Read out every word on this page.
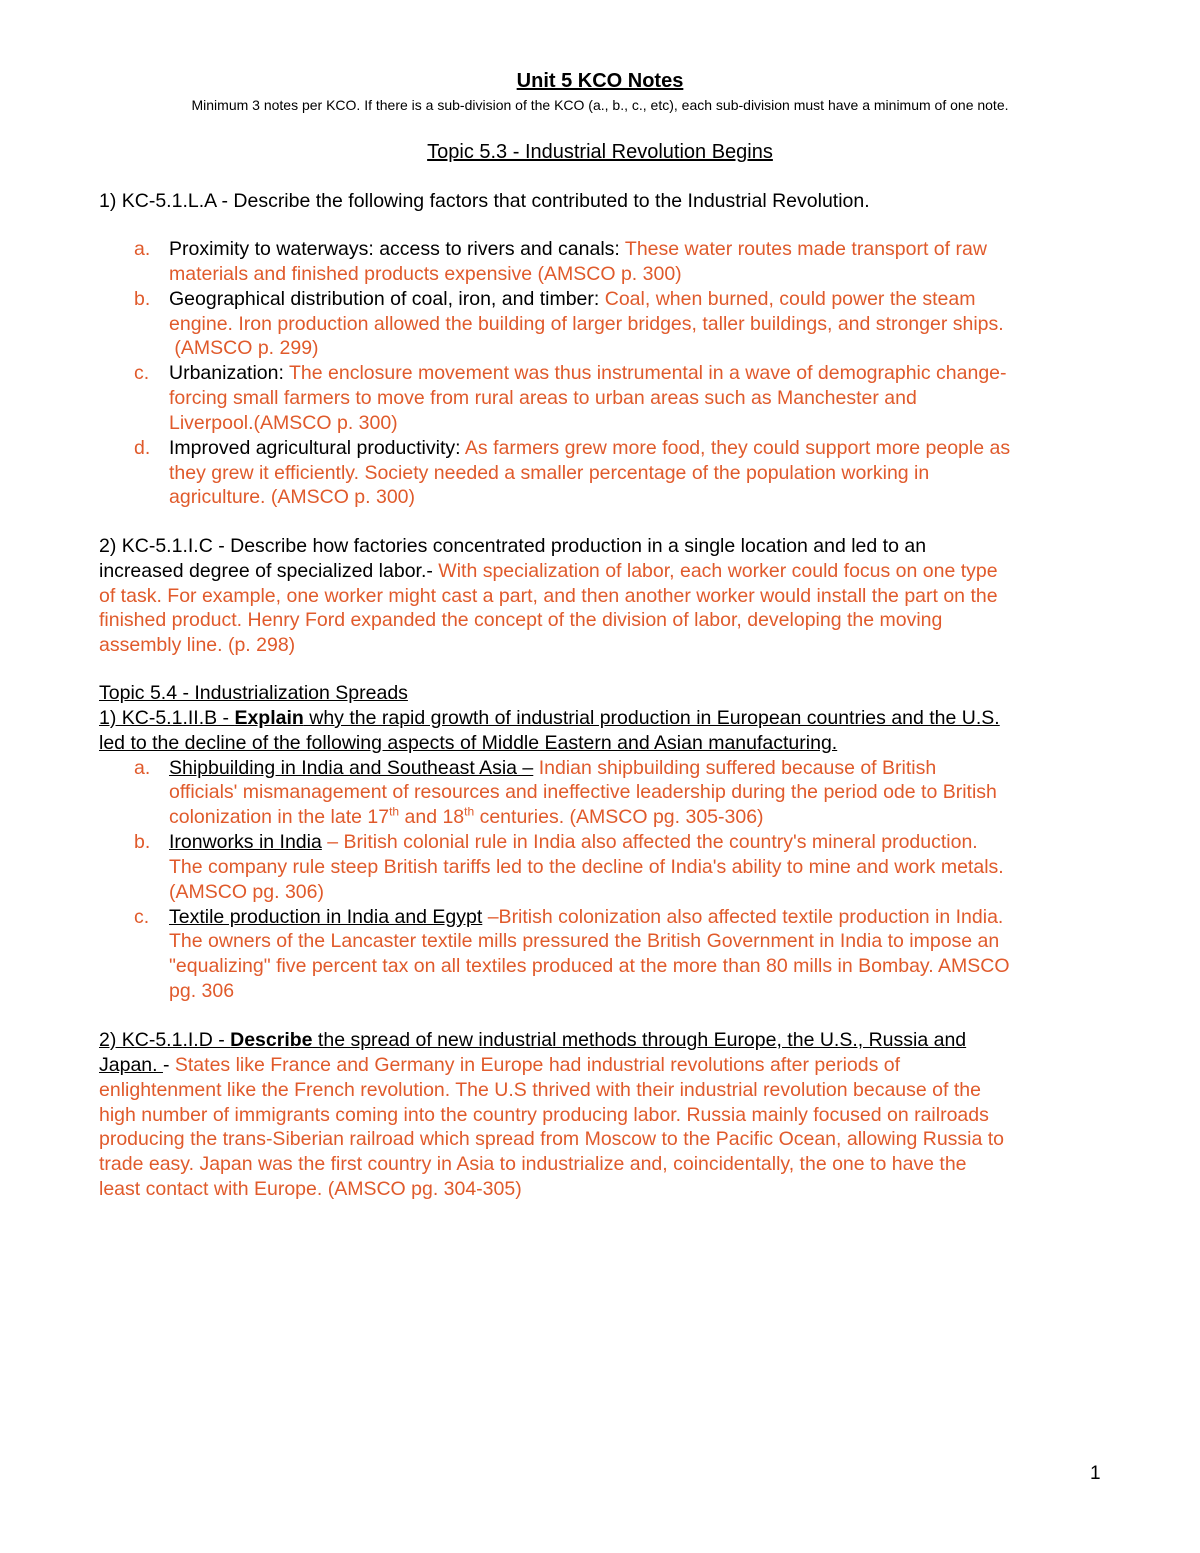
Unit 5 KCO Notes
Minimum 3 notes per KCO. If there is a sub-division of the KCO (a., b., c., etc), each sub-division must have a minimum of one note.
Topic 5.3 - Industrial Revolution Begins
1) KC-5.1.L.A - Describe the following factors that contributed to the Industrial Revolution.
a. Proximity to waterways: access to rivers and canals: These water routes made transport of raw
materials and finished products expensive (AMSCO p. 300)
b. Geographical distribution of coal, iron, and timber: Coal, when burned, could power the steam
engine. Iron production allowed the building of larger bridges, taller buildings, and stronger ships.
(AMSCO p. 299)
c. Urbanization: The enclosure movement was thus instrumental in a wave of demographic change-
forcing small farmers to move from rural areas to urban areas such as Manchester and
Liverpool.(AMSCO p. 300)
d. Improved agricultural productivity: As farmers grew more food, they could support more people as
they grew it efficiently. Society needed a smaller percentage of the population working in
agriculture. (AMSCO p. 300)
2) KC-5.1.I.C - Describe how factories concentrated production in a single location and led to an
increased degree of specialized labor.- With specialization of labor, each worker could focus on one type
of task. For example, one worker might cast a part, and then another worker would install the part on the
finished product. Henry Ford expanded the concept of the division of labor, developing the moving
assembly line. (p. 298)
Topic 5.4 - Industrialization Spreads
1) KC-5.1.II.B - Explain why the rapid growth of industrial production in European countries and the U.S.
led to the decline of the following aspects of Middle Eastern and Asian manufacturing.
a. Shipbuilding in India and Southeast Asia – Indian shipbuilding suffered because of British
officials' mismanagement of resources and ineffective leadership during the period ode to British
colonization in the late 17th and 18th centuries. (AMSCO pg. 305-306)
b. Ironworks in India – British colonial rule in India also affected the country's mineral production.
The company rule steep British tariffs led to the decline of India's ability to mine and work metals.
(AMSCO pg. 306)
c. Textile production in India and Egypt –British colonization also affected textile production in India.
The owners of the Lancaster textile mills pressured the British Government in India to impose an
"equalizing" five percent tax on all textiles produced at the more than 80 mills in Bombay. AMSCO
pg. 306
2) KC-5.1.I.D - Describe the spread of new industrial methods through Europe, the U.S., Russia and
Japan. - States like France and Germany in Europe had industrial revolutions after periods of
enlightenment like the French revolution. The U.S thrived with their industrial revolution because of the
high number of immigrants coming into the country producing labor. Russia mainly focused on railroads
producing the trans-Siberian railroad which spread from Moscow to the Pacific Ocean, allowing Russia to
trade easy. Japan was the first country in Asia to industrialize and, coincidentally, the one to have the
least contact with Europe. (AMSCO pg. 304-305)
1
